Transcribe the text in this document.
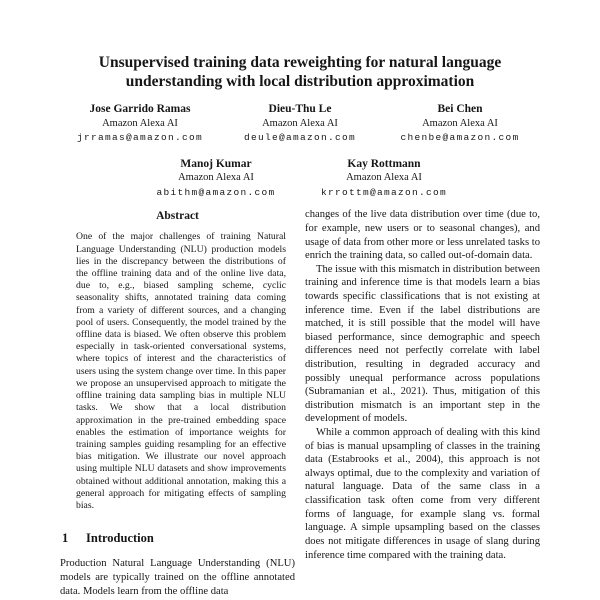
Unsupervised training data reweighting for natural language understanding with local distribution approximation
Jose Garrido Ramas
Amazon Alexa AI
jrramas@amazon.com
Dieu-Thu Le
Amazon Alexa AI
deule@amazon.com
Bei Chen
Amazon Alexa AI
chenbe@amazon.com
Manoj Kumar
Amazon Alexa AI
abithm@amazon.com
Kay Rottmann
Amazon Alexa AI
krrottm@amazon.com
Abstract

One of the major challenges of training Natural Language Understanding (NLU) production models lies in the discrepancy between the distributions of the offline training data and of the online live data, due to, e.g., biased sampling scheme, cyclic seasonality shifts, annotated training data coming from a variety of different sources, and a changing pool of users. Consequently, the model trained by the offline data is biased. We often observe this problem especially in task-oriented conversational systems, where topics of interest and the characteristics of users using the system change over time. In this paper we propose an unsupervised approach to mitigate the offline training data sampling bias in multiple NLU tasks. We show that a local distribution approximation in the pre-trained embedding space enables the estimation of importance weights for training samples guiding resampling for an effective bias mitigation. We illustrate our novel approach using multiple NLU datasets and show improvements obtained without additional annotation, making this a general approach for mitigating effects of sampling bias.

1 Introduction

Production Natural Language Understanding (NLU) models are typically trained on the offline annotated data. Models learn from the offline data

changes of the live data distribution over time (due to, for example, new users or to seasonal changes), and usage of data from other more or less unrelated tasks to enrich the training data, so called out-of-domain data.

The issue with this mismatch in distribution between training and inference time is that models learn a bias towards specific classifications that is not existing at inference time. Even if the label distributions are matched, it is still possible that the model will have biased performance, since demographic and speech differences need not perfectly correlate with label distribution, resulting in degraded accuracy and possibly unequal performance across populations (Subramanian et al., 2021). Thus, mitigation of this distribution mismatch is an important step in the development of models.

While a common approach of dealing with this kind of bias is manual upsampling of classes in the training data (Estabrooks et al., 2004), this approach is not always optimal, due to the complexity and variation of natural language. Data of the same class in a classification task often come from very different forms of language, for example slang vs. formal language. A simple upsampling based on the classes does not mitigate differences in usage of slang during inference time compared with the training data.
